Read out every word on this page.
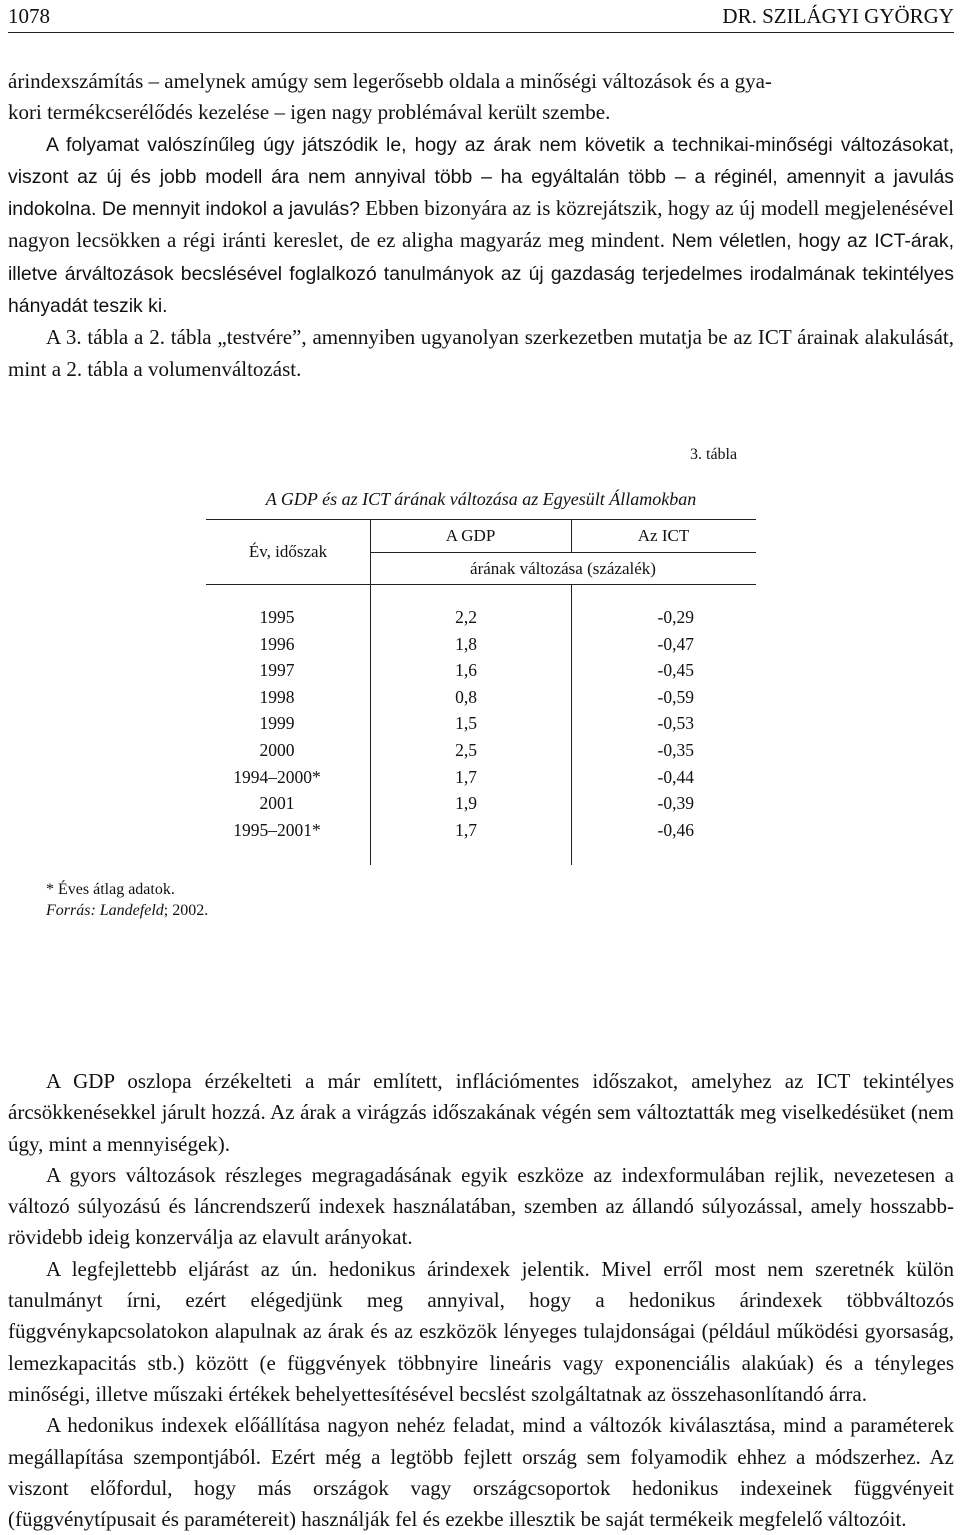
1078	DR. SZILÁGYI GYÖRGY
árindexszámítás – amelynek amúgy sem legerősebb oldala a minőségi változások és a gya-
kori termékcserélődés kezelése – igen nagy problémával került szembe.
A folyamat valószínűleg úgy játszódik le, hogy az árak nem követik a technikai-minőségi változásokat, viszont az új és jobb modell ára nem annyival több – ha egyáltalán több – a réginél, amennyit a javulás indokolna. De mennyit indokol a javulás? Ebben bizonyára az is közrejátszik, hogy az új modell megjelenésével nagyon lecsökken a régi iránti kereslet, de ez aligha magyaráz meg mindent. Nem véletlen, hogy az ICT-árak, illetve árváltozások becslésével foglalkozó tanulmányok az új gazdaság terjedelmes irodalmának tekintélyes hányadát teszik ki.
A 3. tábla a 2. tábla „testvére”, amennyiben ugyanolyan szerkezetben mutatja be az ICT árainak alakulását, mint a 2. tábla a volumenváltozást.
3. tábla
A GDP és az ICT árának változása az Egyesült Államokban
Év, időszak
A GDP	Az ICT
árának változása (százalék)
1995	2,2	-0,29
1996	1,8	-0,47
1997	1,6	-0,45
1998	0,8	-0,59
1999	1,5	-0,53
2000	2,5	-0,35
1994–2000*	1,7	-0,44
2001	1,9	-0,39
1995–2001*	1,7	-0,46
* Éves átlag adatok.
Forrás: Landefeld; 2002.
A GDP oszlopa érzékelteti a már említett, inflációmentes időszakot, amelyhez az ICT tekintélyes árcsökkenésekkel járult hozzá. Az árak a virágzás időszakának végén sem változtatták meg viselkedésüket (nem úgy, mint a mennyiségek).
A gyors változások részleges megragadásának egyik eszköze az indexformulában rejlik, nevezetesen a változó súlyozású és láncrendszerű indexek használatában, szemben az állandó súlyozással, amely hosszabb-rövidebb ideig konzerválja az elavult arányokat.
A legfejlettebb eljárást az ún. hedonikus árindexek jelentik. Mivel erről most nem szeretnék külön tanulmányt írni, ezért elégedjünk meg annyival, hogy a hedonikus árindexek többváltozós függvénykapcsolatokon alapulnak az árak és az eszközök lényeges tulajdonságai (például működési gyorsaság, lemezkapacitás stb.) között (e függvények többnyire lineáris vagy exponenciális alakúak) és a tényleges minőségi, illetve műszaki értékek behelyettesítésével becslést szolgáltatnak az összehasonlítandó árra.
A hedonikus indexek előállítása nagyon nehéz feladat, mind a változók kiválasztása, mind a paraméterek megállapítása szempontjából. Ezért még a legtöbb fejlett ország sem folyamodik ehhez a módszerhez. Az viszont előfordul, hogy más országok vagy országcsoportok hedonikus indexeinek függvényeit (függvénytípusait és paramétereit) használják fel és ezekbe illesztik be saját termékeik megfelelő változóit.
